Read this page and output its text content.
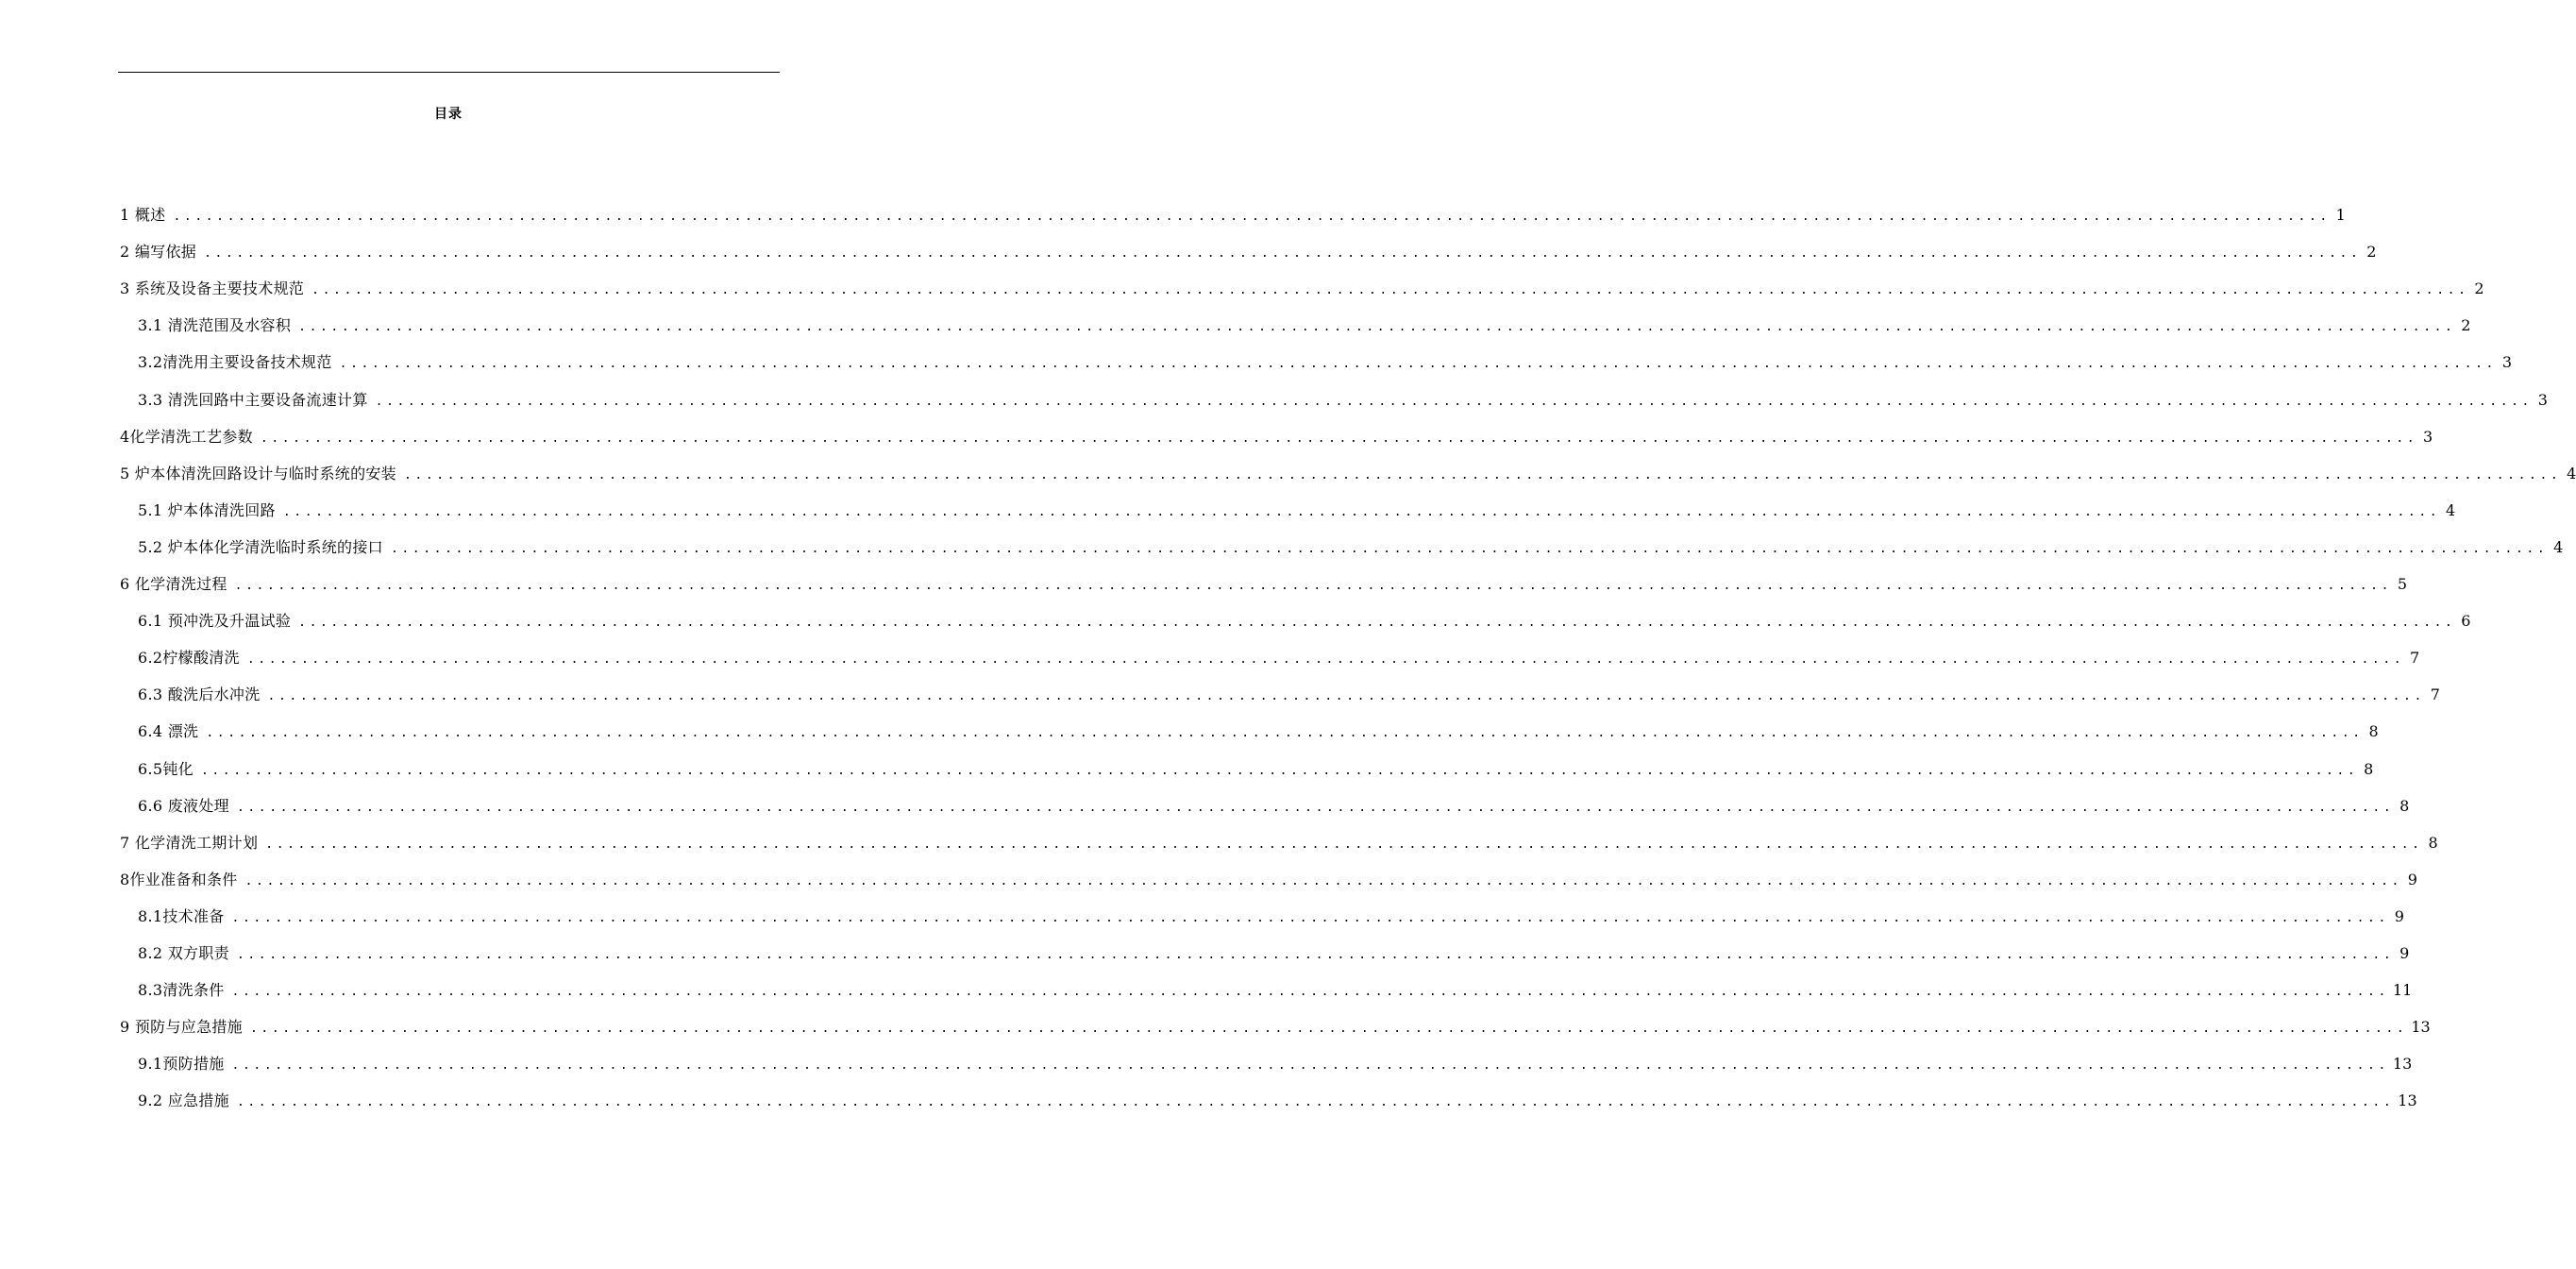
目录
1 概述 ........................................................................................................................................................................................................ 1
2 编写依据 ........................................................................................................................................................................................................ 2
3 系统及设备主要技术规范 ........................................................................................................................................................................................................ 2
3.1 清洗范围及水容积 ........................................................................................................................................................................................................ 2
3.2清洗用主要设备技术规范 ........................................................................................................................................................................................................ 3
3.3 清洗回路中主要设备流速计算 ........................................................................................................................................................................................................ 3
4化学清洗工艺参数 ........................................................................................................................................................................................................ 3
5 炉本体清洗回路设计与临时系统的安装 ........................................................................................................................................................................................................ 4
5.1 炉本体清洗回路 ........................................................................................................................................................................................................ 4
5.2 炉本体化学清洗临时系统的接口 ........................................................................................................................................................................................................ 4
6 化学清洗过程 ........................................................................................................................................................................................................ 5
6.1 预冲洗及升温试验 ........................................................................................................................................................................................................ 6
6.2柠檬酸清洗 ........................................................................................................................................................................................................ 7
6.3 酸洗后水冲洗 ........................................................................................................................................................................................................ 7
6.4 漂洗 ........................................................................................................................................................................................................ 8
6.5钝化 ........................................................................................................................................................................................................ 8
6.6 废液处理 ........................................................................................................................................................................................................ 8
7 化学清洗工期计划 ........................................................................................................................................................................................................ 8
8作业准备和条件 ........................................................................................................................................................................................................ 9
8.1技术准备 ........................................................................................................................................................................................................ 9
8.2 双方职责 ........................................................................................................................................................................................................ 9
8.3清洗条件 ........................................................................................................................................................................................................ 11
9 预防与应急措施 ........................................................................................................................................................................................................ 13
9.1预防措施 ........................................................................................................................................................................................................ 13
9.2 应急措施 ........................................................................................................................................................................................................ 13
